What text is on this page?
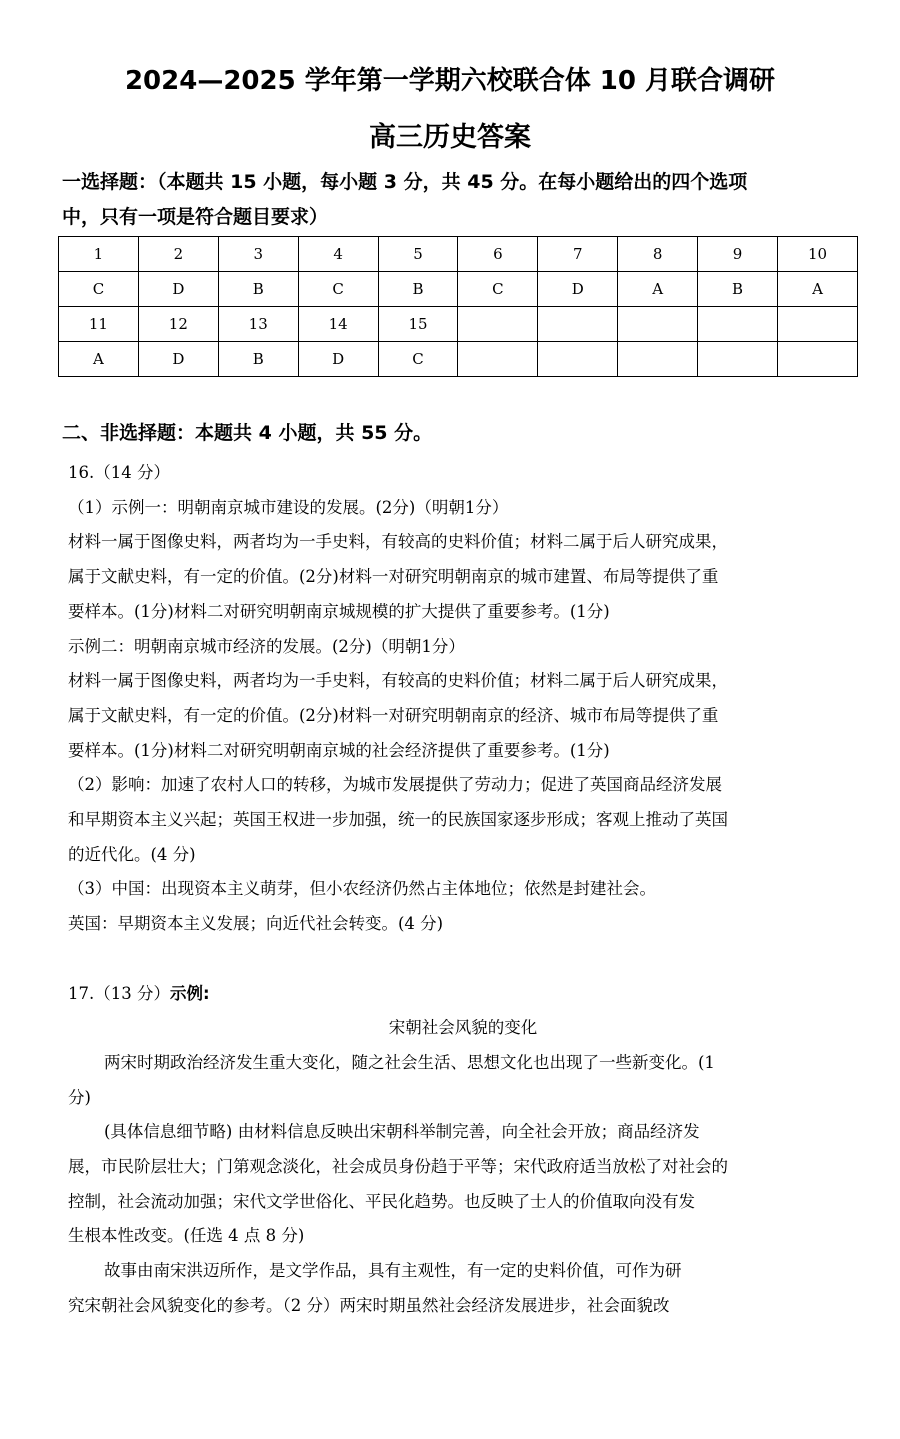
2024—2025 学年第一学期六校联合体 10 月联合调研
高三历史答案
一选择题：（本题共 15 小题，每小题 3 分，共 45 分。在每小题给出的四个选项
中，只有一项是符合题目要求）
1	2	3	4	5	6	7	8	9	10
C	D	B	C	B	C	D	A	B	A
11	12	13	14	15					
A	D	B	D	C					
二、非选择题：本题共 4 小题，共 55 分。

16.（14 分）

（1）示例一：明朝南京城市建设的发展。(2分)（明朝1分）

材料一属于图像史料，两者均为一手史料，有较高的史料价值；材料二属于后人研究成果，

属于文献史料，有一定的价值。(2分)材料一对研究明朝南京的城市建置、布局等提供了重

要样本。(1分)材料二对研究明朝南京城规模的扩大提供了重要参考。(1分)

示例二：明朝南京城市经济的发展。(2分)（明朝1分）

材料一属于图像史料，两者均为一手史料，有较高的史料价值；材料二属于后人研究成果，

属于文献史料，有一定的价值。(2分)材料一对研究明朝南京的经济、城市布局等提供了重

要样本。(1分)材料二对研究明朝南京城的社会经济提供了重要参考。(1分)

（2）影响：加速了农村人口的转移，为城市发展提供了劳动力；促进了英国商品经济发展

和早期资本主义兴起；英国王权进一步加强，统一的民族国家逐步形成；客观上推动了英国

的近代化。(4 分)

（3）中国：出现资本主义萌芽，但小农经济仍然占主体地位；依然是封建社会。

英国：早期资本主义发展；向近代社会转变。(4 分)

17.（13 分）示例:

宋朝社会风貌的变化

两宋时期政治经济发生重大变化，随之社会生活、思想文化也出现了一些新变化。(1

分)

(具体信息细节略) 由材料信息反映出宋朝科举制完善，向全社会开放；商品经济发

展，市民阶层壮大；门第观念淡化，社会成员身份趋于平等；宋代政府适当放松了对社会的

控制，社会流动加强；宋代文学世俗化、平民化趋势。也反映了士人的价值取向没有发

生根本性改变。(任选 4 点 8 分)

故事由南宋洪迈所作，是文学作品，具有主观性，有一定的史料价值，可作为研

究宋朝社会风貌变化的参考。（2 分）两宋时期虽然社会经济发展进步，社会面貌改
